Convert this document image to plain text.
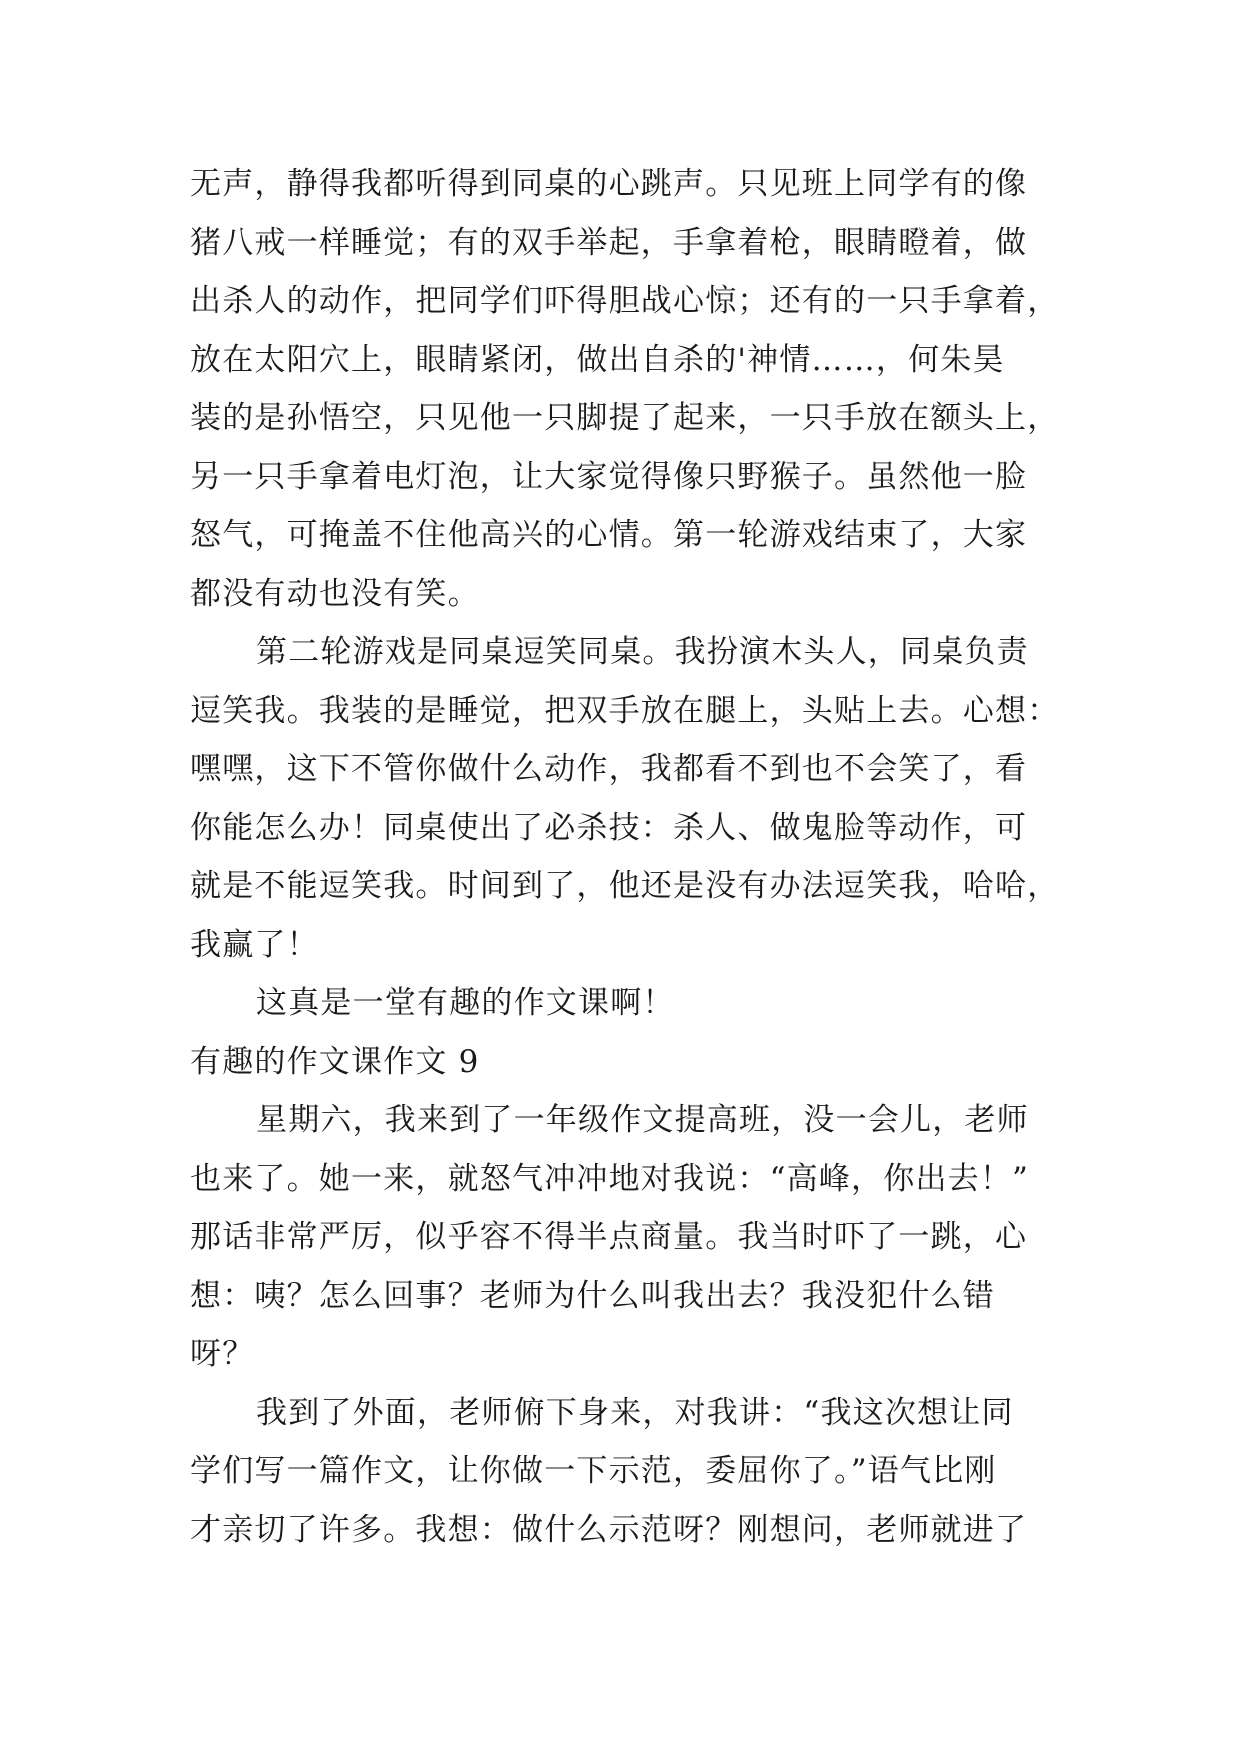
无声，静得我都听得到同桌的心跳声。只见班上同学有的像
猪八戒一样睡觉；有的双手举起，手拿着枪，眼睛瞪着，做
出杀人的动作，把同学们吓得胆战心惊；还有的一只手拿着，
放在太阳穴上，眼睛紧闭，做出自杀的'神情……，何朱昊
装的是孙悟空，只见他一只脚提了起来，一只手放在额头上，
另一只手拿着电灯泡，让大家觉得像只野猴子。虽然他一脸
怒气，可掩盖不住他高兴的心情。第一轮游戏结束了，大家
都没有动也没有笑。
第二轮游戏是同桌逗笑同桌。我扮演木头人，同桌负责
逗笑我。我装的是睡觉，把双手放在腿上，头贴上去。心想：
嘿嘿，这下不管你做什么动作，我都看不到也不会笑了，看
你能怎么办！同桌使出了必杀技：杀人、做鬼脸等动作，可
就是不能逗笑我。时间到了，他还是没有办法逗笑我，哈哈，
我赢了！
这真是一堂有趣的作文课啊！
有趣的作文课作文 9
星期六，我来到了一年级作文提高班，没一会儿，老师
也来了。她一来，就怒气冲冲地对我说：“高峰，你出去！”
那话非常严厉，似乎容不得半点商量。我当时吓了一跳，心
想：咦？怎么回事？老师为什么叫我出去？我没犯什么错
呀？
我到了外面，老师俯下身来，对我讲：“我这次想让同
学们写一篇作文，让你做一下示范，委屈你了。”语气比刚
才亲切了许多。我想：做什么示范呀？刚想问，老师就进了
